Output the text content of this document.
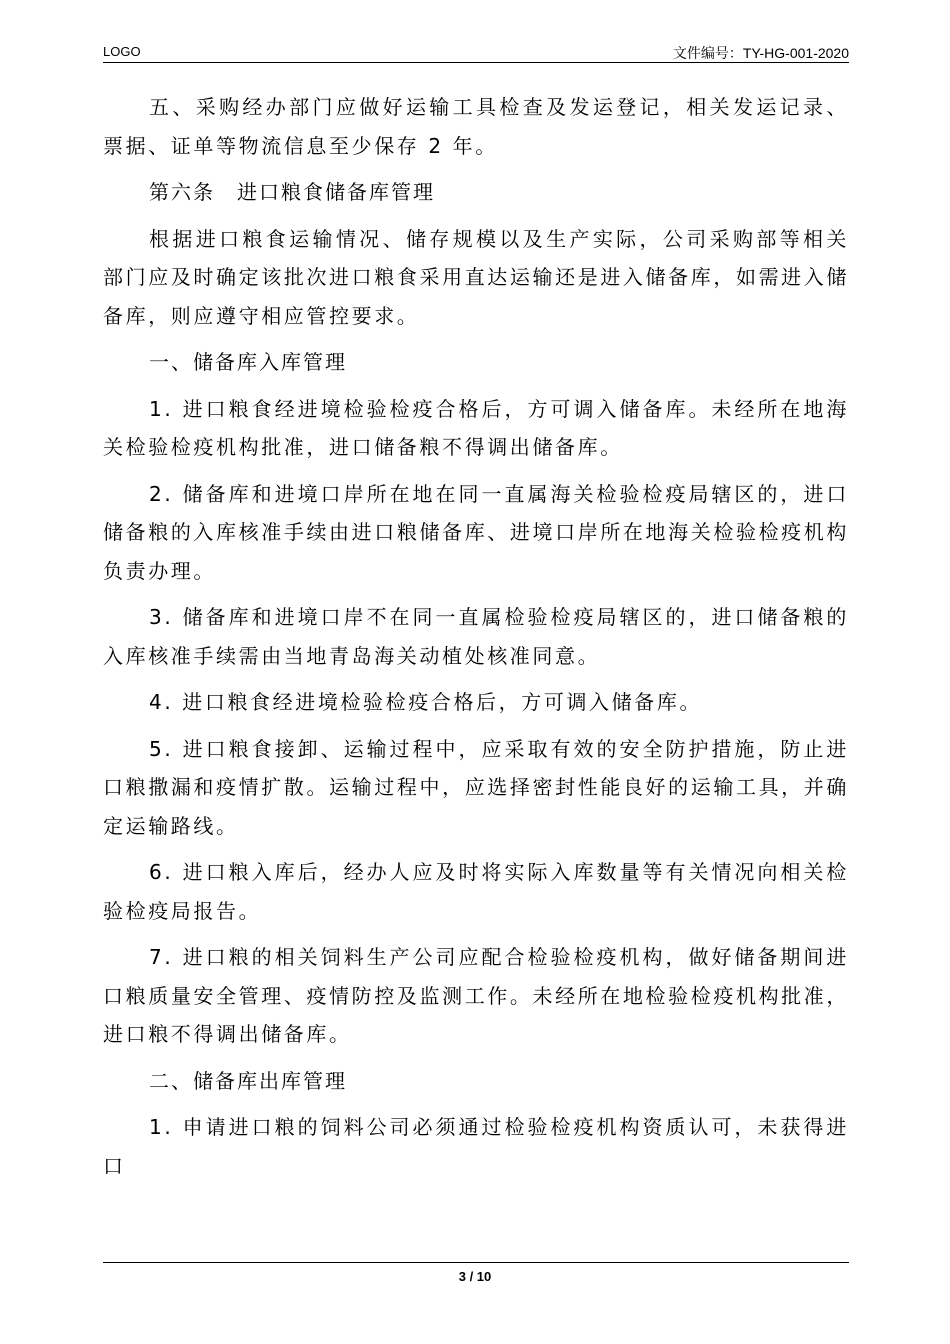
LOGO	文件编号：TY-HG-001-2020

五、采购经办部门应做好运输工具检查及发运登记，相关发运记录、票据、证单等物流信息至少保存 2 年。

第六条　进口粮食储备库管理

根据进口粮食运输情况、储存规模以及生产实际，公司采购部等相关部门应及时确定该批次进口粮食采用直达运输还是进入储备库，如需进入储备库，则应遵守相应管控要求。

一、储备库入库管理

1. 进口粮食经进境检验检疫合格后，方可调入储备库。未经所在地海关检验检疫机构批准，进口储备粮不得调出储备库。

2. 储备库和进境口岸所在地在同一直属海关检验检疫局辖区的，进口储备粮的入库核准手续由进口粮储备库、进境口岸所在地海关检验检疫机构负责办理。

3. 储备库和进境口岸不在同一直属检验检疫局辖区的，进口储备粮的入库核准手续需由当地青岛海关动植处核准同意。

4. 进口粮食经进境检验检疫合格后，方可调入储备库。

5. 进口粮食接卸、运输过程中，应采取有效的安全防护措施，防止进口粮撒漏和疫情扩散。运输过程中，应选择密封性能良好的运输工具，并确定运输路线。

6. 进口粮入库后，经办人应及时将实际入库数量等有关情况向相关检验检疫局报告。

7. 进口粮的相关饲料生产公司应配合检验检疫机构，做好储备期间进口粮质量安全管理、疫情防控及监测工作。未经所在地检验检疫机构批准，进口粮不得调出储备库。

二、储备库出库管理

1. 申请进口粮的饲料公司必须通过检验检疫机构资质认可，未获得进口

3 / 10
